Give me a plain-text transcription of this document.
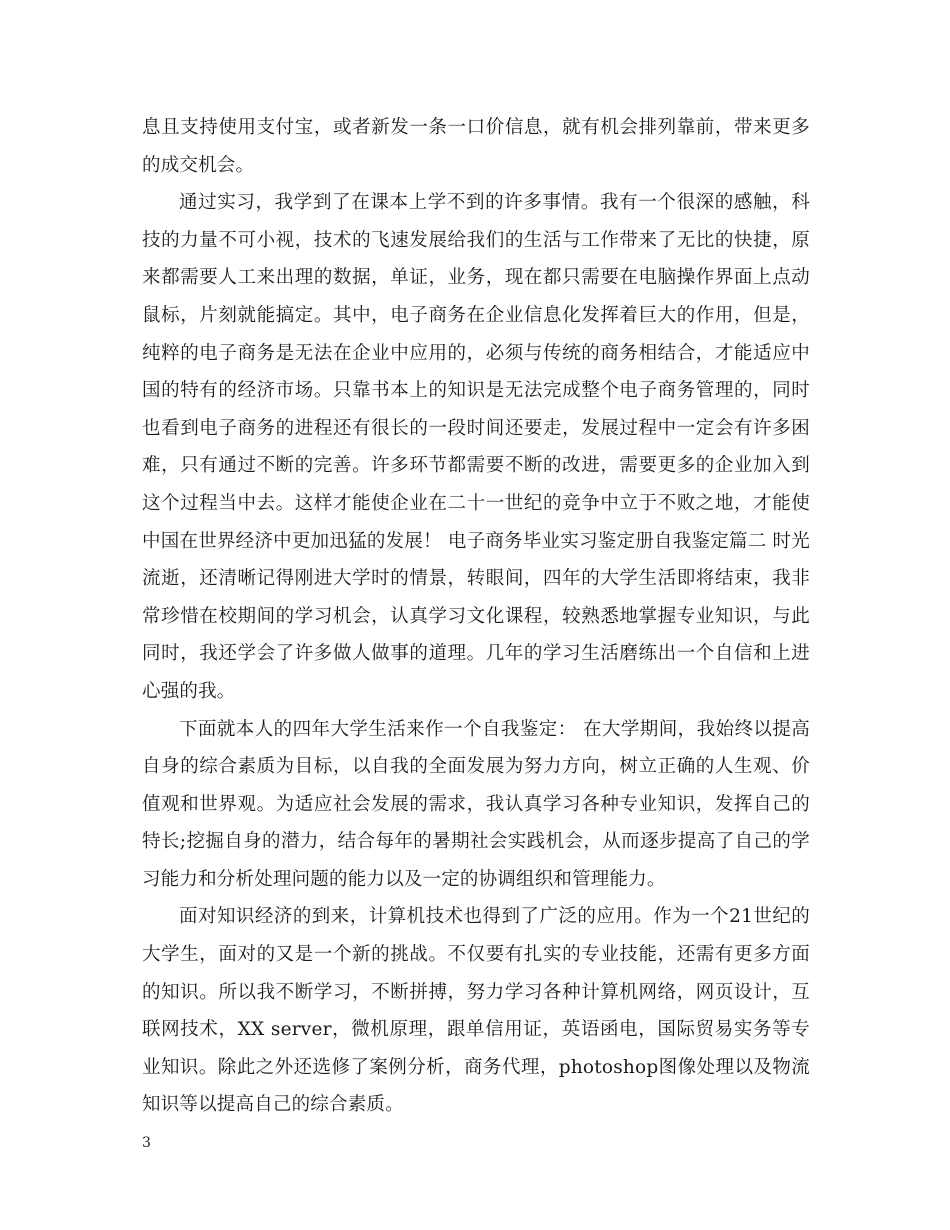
息且支持使用支付宝，或者新发一条一口价信息，就有机会排列靠前，带来更多的成交机会。

通过实习，我学到了在课本上学不到的许多事情。我有一个很深的感触，科技的力量不可小视，技术的飞速发展给我们的生活与工作带来了无比的快捷，原来都需要人工来出理的数据，单证，业务，现在都只需要在电脑操作界面上点动鼠标，片刻就能搞定。其中，电子商务在企业信息化发挥着巨大的作用，但是，纯粹的电子商务是无法在企业中应用的，必须与传统的商务相结合，才能适应中国的特有的经济市场。只靠书本上的知识是无法完成整个电子商务管理的，同时也看到电子商务的进程还有很长的一段时间还要走，发展过程中一定会有许多困难，只有通过不断的完善。许多环节都需要不断的改进，需要更多的企业加入到这个过程当中去。这样才能使企业在二十一世纪的竞争中立于不败之地，才能使中国在世界经济中更加迅猛的发展！ 电子商务毕业实习鉴定册自我鉴定篇二 时光流逝，还清晰记得刚进大学时的情景，转眼间，四年的大学生活即将结束，我非常珍惜在校期间的学习机会，认真学习文化课程，较熟悉地掌握专业知识，与此同时，我还学会了许多做人做事的道理。几年的学习生活磨练出一个自信和上进心强的我。

下面就本人的四年大学生活来作一个自我鉴定： 在大学期间，我始终以提高自身的综合素质为目标，以自我的全面发展为努力方向，树立正确的人生观、价值观和世界观。为适应社会发展的需求，我认真学习各种专业知识，发挥自己的特长;挖掘自身的潜力，结合每年的暑期社会实践机会，从而逐步提高了自己的学习能力和分析处理问题的能力以及一定的协调组织和管理能力。

面对知识经济的到来，计算机技术也得到了广泛的应用。作为一个21世纪的大学生，面对的又是一个新的挑战。不仅要有扎实的专业技能，还需有更多方面的知识。所以我不断学习，不断拼搏，努力学习各种计算机网络，网页设计，互联网技术，XX server，微机原理，跟单信用证，英语函电，国际贸易实务等专业知识。除此之外还选修了案例分析，商务代理，photoshop图像处理以及物流知识等以提高自己的综合素质。

3
